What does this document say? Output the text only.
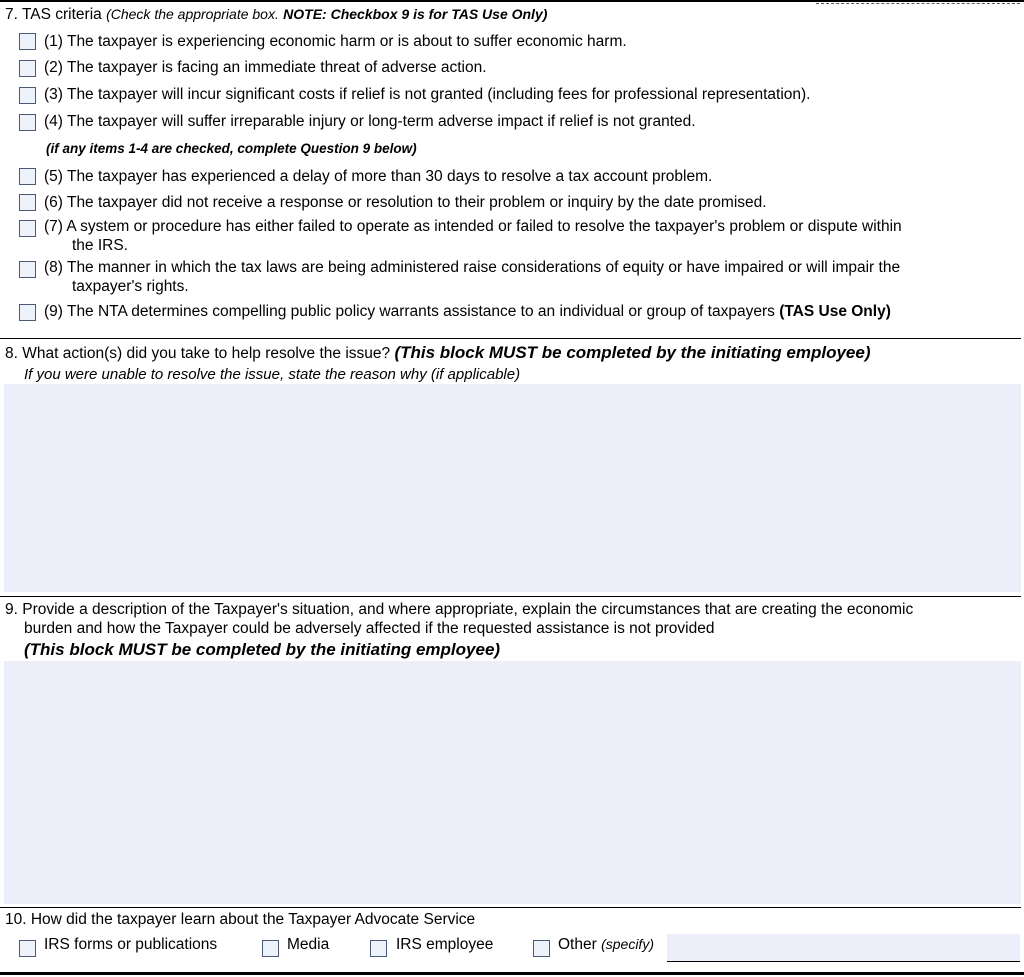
7. TAS criteria (Check the appropriate box. NOTE: Checkbox 9 is for TAS Use Only)
(1) The taxpayer is experiencing economic harm or is about to suffer economic harm.
(2) The taxpayer is facing an immediate threat of adverse action.
(3) The taxpayer will incur significant costs if relief is not granted (including fees for professional representation).
(4) The taxpayer will suffer irreparable injury or long-term adverse impact if relief is not granted.
(if any items 1-4 are checked, complete Question 9 below)
(5) The taxpayer has experienced a delay of more than 30 days to resolve a tax account problem.
(6) The taxpayer did not receive a response or resolution to their problem or inquiry by the date promised.
(7) A system or procedure has either failed to operate as intended or failed to resolve the taxpayer's problem or dispute within
the IRS.
(8) The manner in which the tax laws are being administered raise considerations of equity or have impaired or will impair the
taxpayer's rights.
(9) The NTA determines compelling public policy warrants assistance to an individual or group of taxpayers (TAS Use Only)
8. What action(s) did you take to help resolve the issue? (This block MUST be completed by the initiating employee)
If you were unable to resolve the issue, state the reason why (if applicable)
9. Provide a description of the Taxpayer's situation, and where appropriate, explain the circumstances that are creating the economic
burden and how the Taxpayer could be adversely affected if the requested assistance is not provided
(This block MUST be completed by the initiating employee)
10. How did the taxpayer learn about the Taxpayer Advocate Service
IRS forms or publications	Media	IRS employee	Other (specify)
